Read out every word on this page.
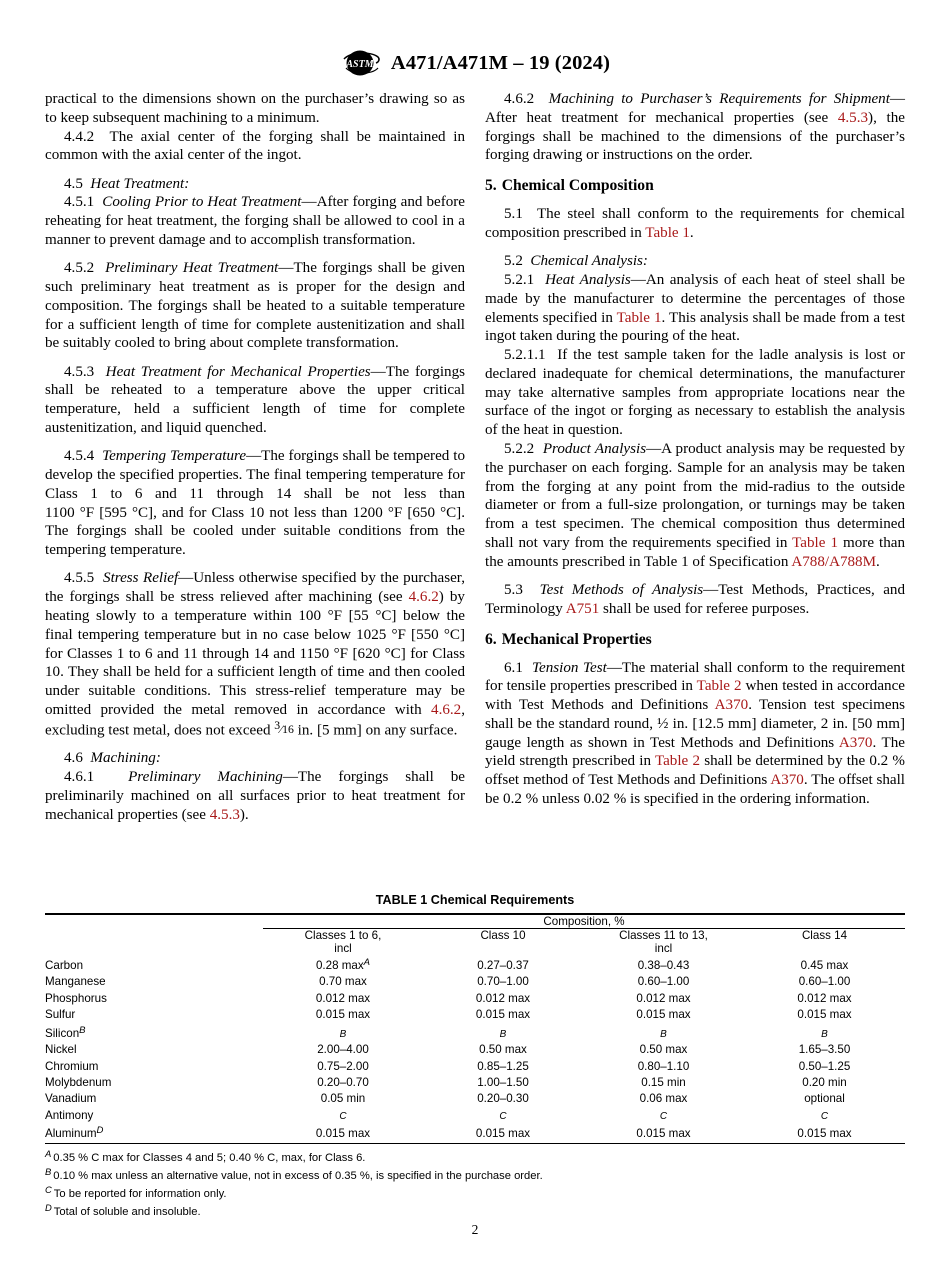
ASTM A471/A471M – 19 (2024)

practical to the dimensions shown on the purchaser’s drawing so as to keep subsequent machining to a minimum.

4.4.2 The axial center of the forging shall be maintained in common with the axial center of the ingot.

4.5 Heat Treatment:

4.5.1 Cooling Prior to Heat Treatment—After forging and before reheating for heat treatment, the forging shall be allowed to cool in a manner to prevent damage and to accomplish transformation.

4.5.2 Preliminary Heat Treatment—The forgings shall be given such preliminary heat treatment as is proper for the design and composition. The forgings shall be heated to a suitable temperature for a sufficient length of time for complete austenitization and shall be suitably cooled to bring about complete transformation.

4.5.3 Heat Treatment for Mechanical Properties—The forgings shall be reheated to a temperature above the upper critical temperature, held a sufficient length of time for complete austenitization, and liquid quenched.

4.5.4 Tempering Temperature—The forgings shall be tempered to develop the specified properties. The final tempering temperature for Class 1 to 6 and 11 through 14 shall be not less than 1100 °F [595 °C], and for Class 10 not less than 1200 °F [650 °C]. The forgings shall be cooled under suitable conditions from the tempering temperature.

4.5.5 Stress Relief—Unless otherwise specified by the purchaser, the forgings shall be stress relieved after machining (see 4.6.2) by heating slowly to a temperature within 100 °F [55 °C] below the final tempering temperature but in no case below 1025 °F [550 °C] for Classes 1 to 6 and 11 through 14 and 1150 °F [620 °C] for Class 10. They shall be held for a sufficient length of time and then cooled under suitable conditions. This stress-relief temperature may be omitted provided the metal removed in accordance with 4.6.2, excluding test metal, does not exceed $^3⁄_{16}$ in. [5 mm] on any surface.

4.6 Machining:

4.6.1 Preliminary Machining—The forgings shall be preliminarily machined on all surfaces prior to heat treatment for mechanical properties (see 4.5.3).

4.6.2 Machining to Purchaser’s Requirements for Shipment—After heat treatment for mechanical properties (see 4.5.3), the forgings shall be machined to the dimensions of the purchaser’s forging drawing or instructions on the order.

5. Chemical Composition

5.1 The steel shall conform to the requirements for chemical composition prescribed in Table 1.

5.2 Chemical Analysis:

5.2.1 Heat Analysis—An analysis of each heat of steel shall be made by the manufacturer to determine the percentages of those elements specified in Table 1. This analysis shall be made from a test ingot taken during the pouring of the heat.

5.2.1.1 If the test sample taken for the ladle analysis is lost or declared inadequate for chemical determinations, the manufacturer may take alternative samples from appropriate locations near the surface of the ingot or forging as necessary to establish the analysis of the heat in question.

5.2.2 Product Analysis—A product analysis may be requested by the purchaser on each forging. Sample for an analysis may be taken from the forging at any point from the mid-radius to the outside diameter or from a full-size prolongation, or turnings may be taken from a test specimen. The chemical composition thus determined shall not vary from the requirements specified in Table 1 more than the amounts prescribed in Table 1 of Specification A788/A788M.

5.3 Test Methods of Analysis—Test Methods, Practices, and Terminology A751 shall be used for referee purposes.

6. Mechanical Properties

6.1 Tension Test—The material shall conform to the requirement for tensile properties prescribed in Table 2 when tested in accordance with Test Methods and Definitions A370. Tension test specimens shall be the standard round, ½ in. [12.5 mm] diameter, 2 in. [50 mm] gauge length as shown in Test Methods and Definitions A370. The yield strength prescribed in Table 2 shall be determined by the 0.2 % offset method of Test Methods and Definitions A370. The offset shall be 0.2 % unless 0.02 % is specified in the ordering information.

TABLE 1 Chemical Requirements
	Composition, %			
	Classes 1 to 6,
incl	Class 10	Classes 11 to 13,
incl	Class 14

Carbon	0.28 max$^A$	0.27–0.37	0.38–0.43	0.45 max
Manganese	0.70 max	0.70–1.00	0.60–1.00	0.60–1.00
Phosphorus	0.012 max	0.012 max	0.012 max	0.012 max
Sulfur	0.015 max	0.015 max	0.015 max	0.015 max
Silicon$^B$	B	B	B	B
Nickel	2.00–4.00	0.50 max	0.50 max	1.65–3.50
Chromium	0.75–2.00	0.85–1.25	0.80–1.10	0.50–1.25
Molybdenum	0.20–0.70	1.00–1.50	0.15 min	0.20 min
Vanadium	0.05 min	0.20–0.30	0.06 max	optional
Antimony	C	C	C	C
Aluminum$^D$	0.015 max	0.015 max	0.015 max	0.015 max
$^A$ 0.35 % C max for Classes 4 and 5; 0.40 % C, max, for Class 6.
$^B$ 0.10 % max unless an alternative value, not in excess of 0.35 %, is specified in the purchase order.
$^C$ To be reported for information only.
$^D$ Total of soluble and insoluble.
2
